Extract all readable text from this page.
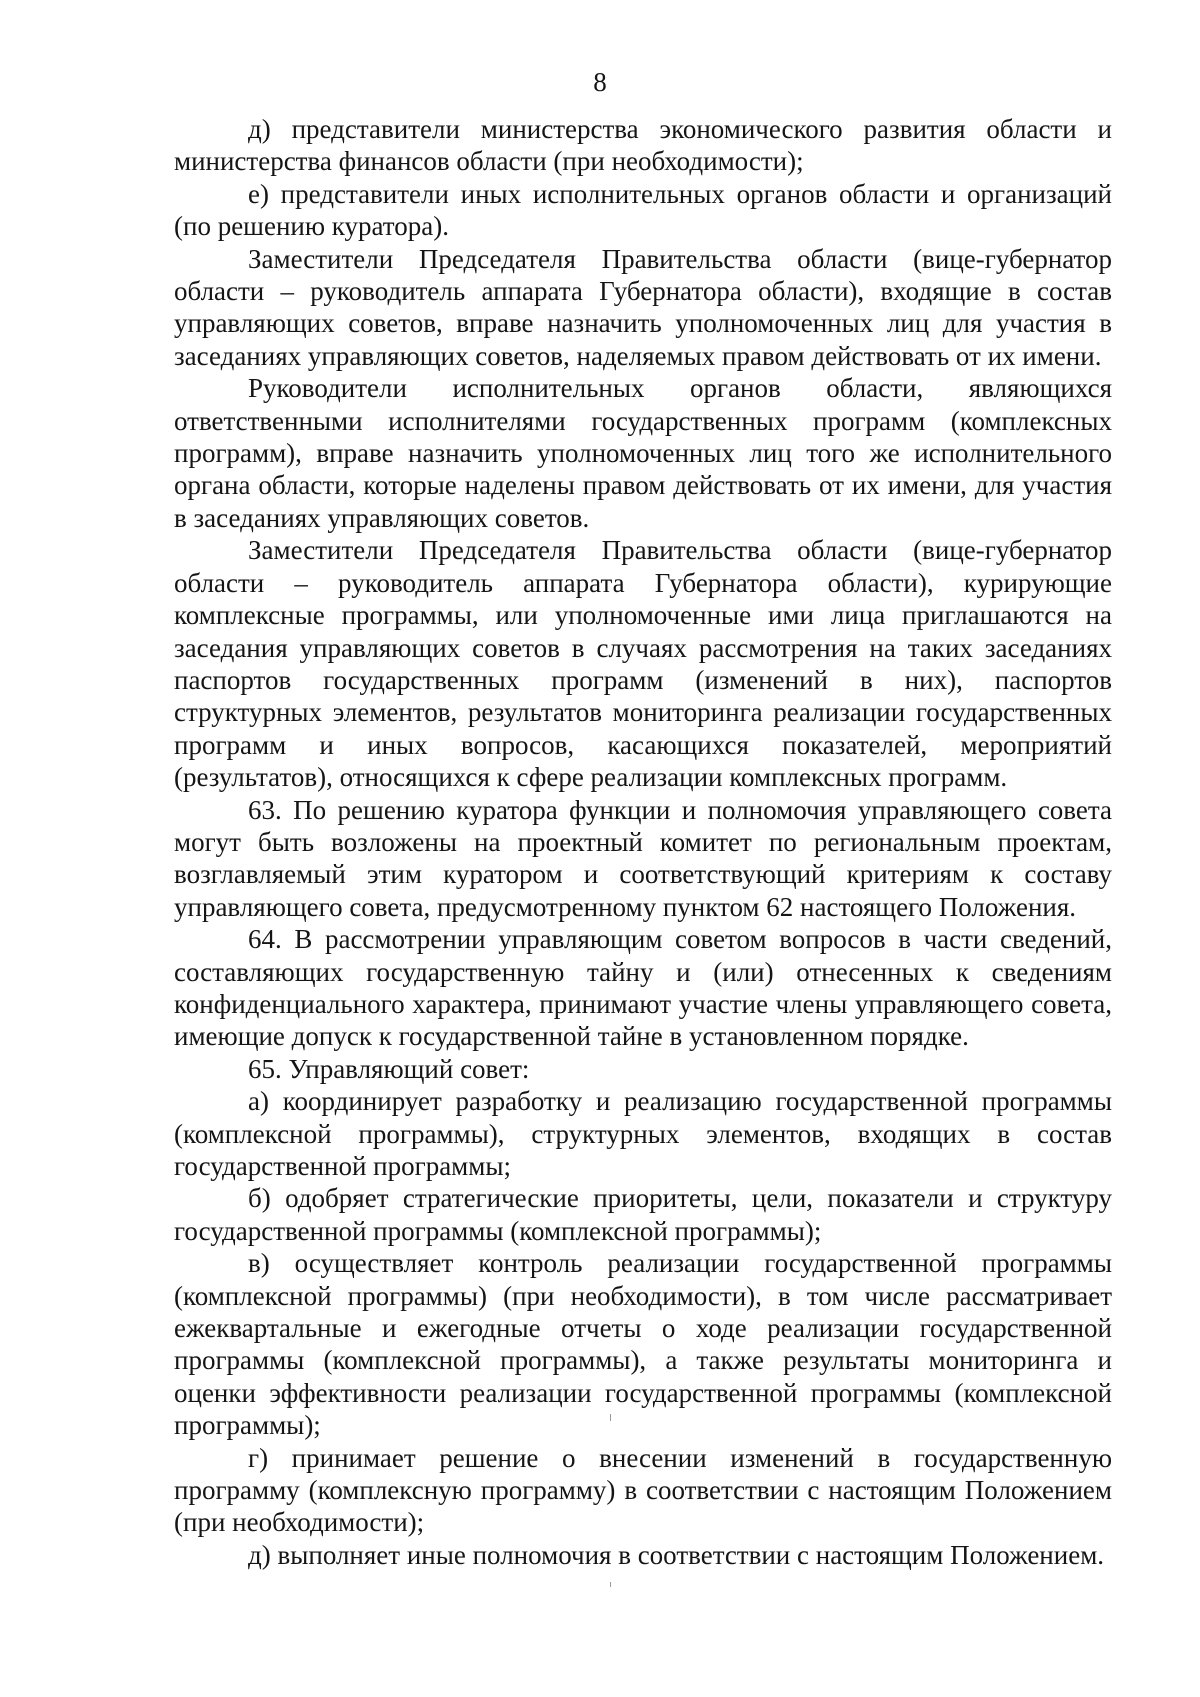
8

д) представители министерства экономического развития области и министерства финансов области (при необходимости);

е) представители иных исполнительных органов области и организаций (по решению куратора).

Заместители Председателя Правительства области (вице-губернатор области – руководитель аппарата Губернатора области), входящие в состав управляющих советов, вправе назначить уполномоченных лиц для участия в заседаниях управляющих советов, наделяемых правом действовать от их имени.

Руководители исполнительных органов области, являющихся ответственными исполнителями государственных программ (комплексных программ), вправе назначить уполномоченных лиц того же исполнительного органа области, которые наделены правом действовать от их имени, для участия в заседаниях управляющих советов.

Заместители Председателя Правительства области (вице-губернатор области – руководитель аппарата Губернатора области), курирующие комплексные программы, или уполномоченные ими лица приглашаются на заседания управляющих советов в случаях рассмотрения на таких заседаниях паспортов государственных программ (изменений в них), паспортов структурных элементов, результатов мониторинга реализации государственных программ и иных вопросов, касающихся показателей, мероприятий (результатов), относящихся к сфере реализации комплексных программ.

63. По решению куратора функции и полномочия управляющего совета могут быть возложены на проектный комитет по региональным проектам, возглавляемый этим куратором и соответствующий критериям к составу управляющего совета, предусмотренному пунктом 62 настоящего Положения.

64. В рассмотрении управляющим советом вопросов в части сведений, составляющих государственную тайну и (или) отнесенных к сведениям конфиденциального характера, принимают участие члены управляющего совета, имеющие допуск к государственной тайне в установленном порядке.

65. Управляющий совет:

а) координирует разработку и реализацию государственной программы (комплексной программы), структурных элементов, входящих в состав государственной программы;

б) одобряет стратегические приоритеты, цели, показатели и структуру государственной программы (комплексной программы);

в) осуществляет контроль реализации государственной программы (комплексной программы) (при необходимости), в том числе рассматривает ежеквартальные и ежегодные отчеты о ходе реализации государственной программы (комплексной программы), а также результаты мониторинга и оценки эффективности реализации государственной программы (комплексной программы);

г) принимает решение о внесении изменений в государственную программу (комплексную программу) в соответствии с настоящим Положением (при необходимости);

д) выполняет иные полномочия в соответствии с настоящим Положением.
